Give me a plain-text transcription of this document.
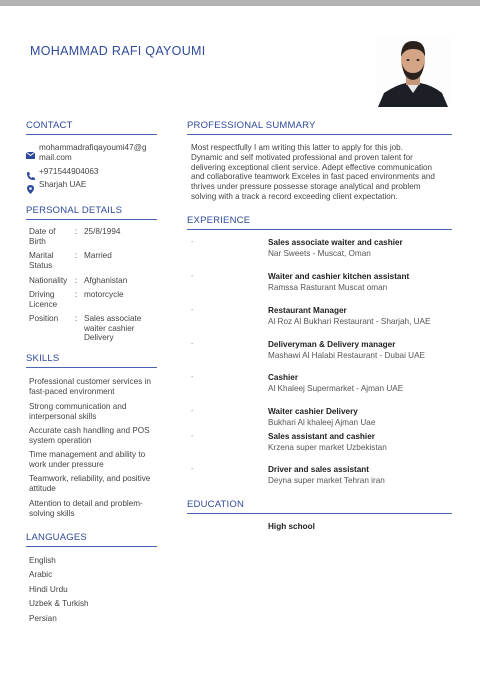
MOHAMMAD RAFI QAYOUMI
CONTACT
mohammadrafiqayoumi47@g
mail.com
+971544904063
Sharjah UAE
PERSONAL DETAILS
Date of
Birth
: 25/8/1994
Marital
Status
: Married
Nationality : Afghanistan
Driving
Licence
: motorcycle
Position	: Sales associate
waiter cashier
Delivery
SKILLS
Professional customer services in
fast-paced environment
Strong communication and
interpersonal skills
Accurate cash handling and POS
system operation
Time management and ability to
work under pressure
Teamwork, reliability, and positive
attitude
Attention to detail and problem-
solving skills
LANGUAGES
English
Arabic
Hindi Urdu
Uzbek & Turkish
Persian
PROFESSIONAL SUMMARY
Most respectfully I am writing this latter to apply for this job.
Dynamic and self motivated professional and proven talent for
delivering exceptional client service. Adept effective communication
and collaborative teamwork Exceles in fast paced environments and
thrives under pressure possesse storage analytical and problem
solving with a track a record exceeding client expectation.
EXPERIENCE
-	Sales associate waiter and cashier
Nar Sweets - Muscat, Oman
-	Waiter and cashier kitchen assistant
Ramssa Rasturant Muscat oman
-	Restaurant Manager
Al Roz Al Bukhari Restaurant - Sharjah, UAE
-	Deliveryman & Delivery manager
Mashawi Al Halabi Restaurant - Dubai UAE
-	Cashier
Al Khaleej Supermarket - Ajman UAE
-	Waiter cashier Delivery
Bukhari Al khaleej Ajman Uae
-	Sales assistant and cashier
Krzena super market Uzbekistan
-	Driver and sales assistant
Deyna super market Tehran iran
EDUCATION
High school
